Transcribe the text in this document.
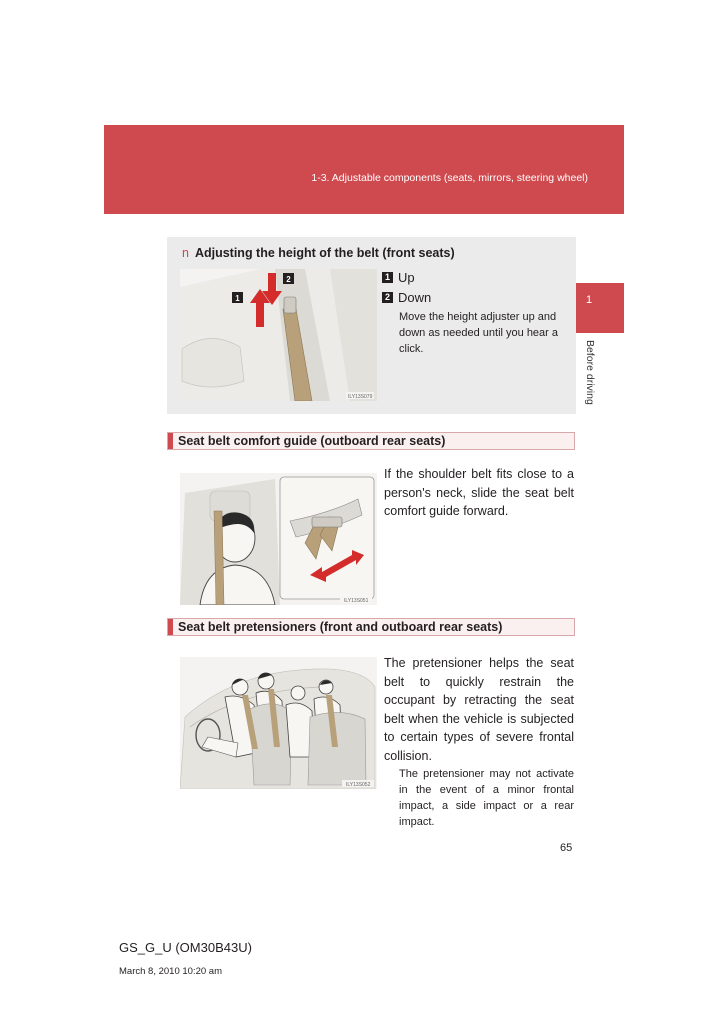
1-3. Adjustable components (seats, mirrors, steering wheel)
1
Before driving
n Adjusting the height of the belt (front seats)
1
2
ILY13S079
1 Up
2 Down
Move the height adjuster up and down as needed until you hear a click.
Seat belt comfort guide (outboard rear seats)
ILY13S051
If the shoulder belt fits close to a person's neck, slide the seat belt comfort guide forward.
Seat belt pretensioners (front and outboard rear seats)
ILY13S052
The pretensioner helps the seat belt to quickly restrain the occupant by retracting the seat belt when the vehicle is subjected to certain types of severe frontal collision.
The pretensioner may not activate in the event of a minor frontal impact, a side impact or a rear impact.
65
GS_G_U (OM30B43U)
March 8, 2010 10:20 am
